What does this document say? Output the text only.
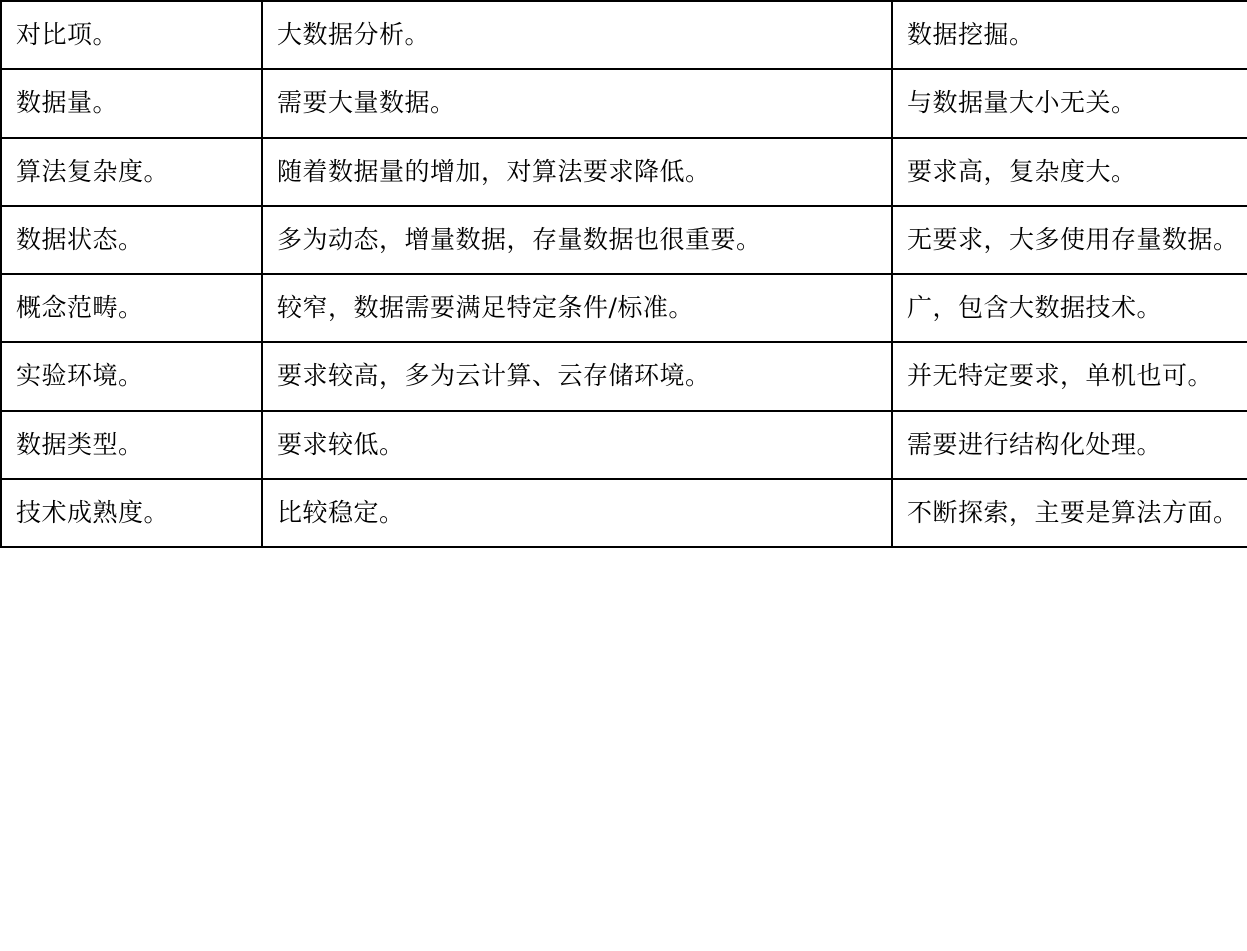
对比项。	大数据分析。	数据挖掘。

数据量。	需要大量数据。	与数据量大小无关。

算法复杂度。	随着数据量的增加，对算法要求降低。	要求高，复杂度大。

数据状态。	多为动态，增量数据，存量数据也很重要。	无要求，大多使用存量数据。

概念范畴。	较窄，数据需要满足特定条件/标准。	广，包含大数据技术。

实验环境。	要求较高，多为云计算、云存储环境。	并无特定要求，单机也可。

数据类型。	要求较低。	需要进行结构化处理。

技术成熟度。	比较稳定。	不断探索，主要是算法方面。
